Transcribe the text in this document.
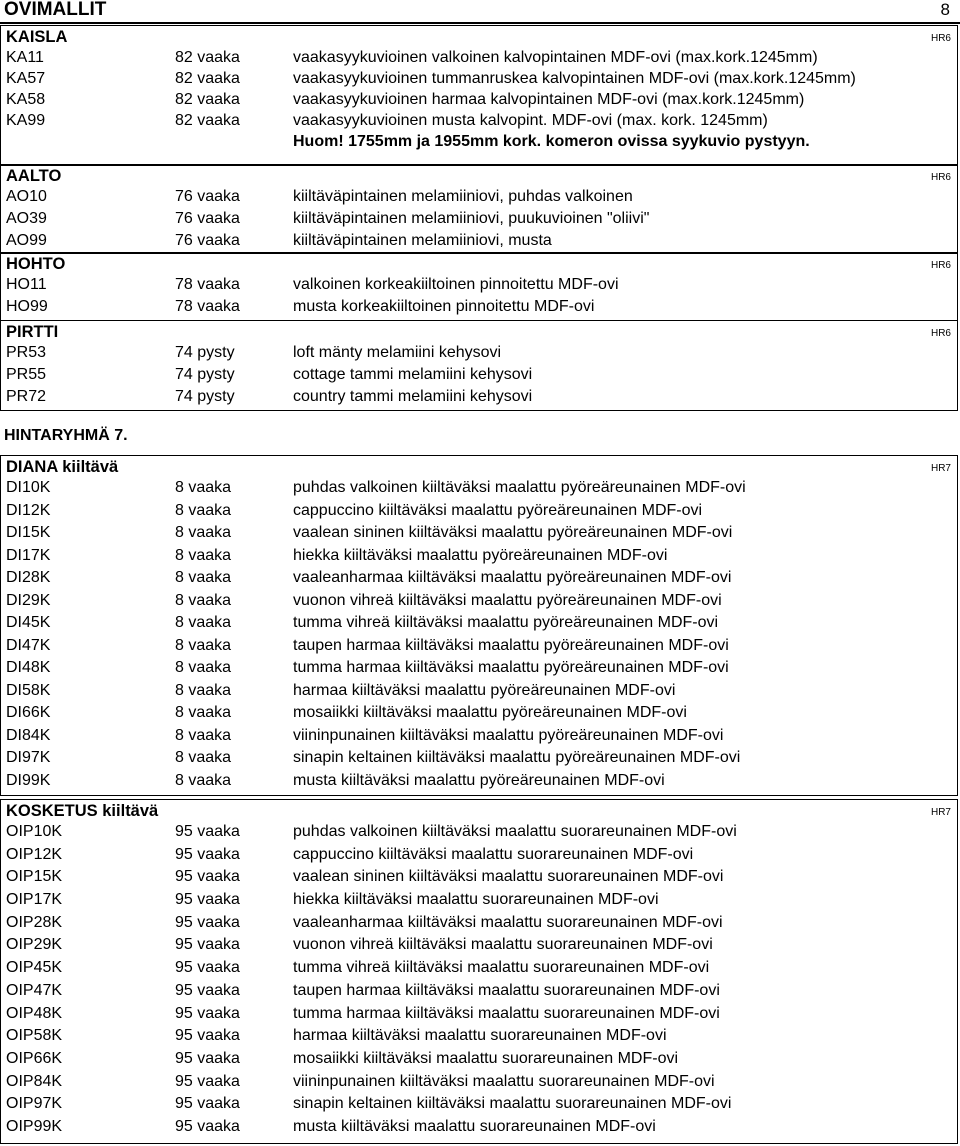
OVIMALLIT	8
KAISLA	HR6
KA11	82 vaaka	vaakasyykuvioinen valkoinen kalvopintainen MDF-ovi (max.kork.1245mm)
KA57	82 vaaka	vaakasyykuvioinen tummanruskea kalvopintainen MDF-ovi (max.kork.1245mm)
KA58	82 vaaka	vaakasyykuvioinen harmaa kalvopintainen MDF-ovi (max.kork.1245mm)
KA99	82 vaaka	vaakasyykuvioinen musta kalvopint. MDF-ovi (max. kork. 1245mm)
Huom! 1755mm ja 1955mm kork. komeron ovissa syykuvio pystyyn.
AALTO	HR6
AO10	76 vaaka	kiiltäväpintainen melamiiniovi, puhdas valkoinen
AO39	76 vaaka	kiiltäväpintainen melamiiniovi, puukuvioinen "oliivi"
AO99	76 vaaka	kiiltäväpintainen melamiiniovi, musta
HOHTO	HR6
HO11	78 vaaka	valkoinen korkeakiiltoinen pinnoitettu MDF-ovi
HO99	78 vaaka	musta korkeakiiltoinen pinnoitettu MDF-ovi
PIRTTI	HR6
PR53	74 pysty	loft mänty melamiini kehysovi
PR55	74 pysty	cottage tammi melamiini kehysovi
PR72	74 pysty	country tammi melamiini kehysovi
HINTARYHMÄ 7.
DIANA kiiltävä	HR7
DI10K	8 vaaka	puhdas valkoinen kiiltäväksi maalattu pyöreäreunainen MDF-ovi
DI12K	8 vaaka	cappuccino kiiltäväksi maalattu pyöreäreunainen MDF-ovi
DI15K	8 vaaka	vaalean sininen kiiltäväksi maalattu pyöreäreunainen MDF-ovi
DI17K	8 vaaka	hiekka kiiltäväksi maalattu pyöreäreunainen MDF-ovi
DI28K	8 vaaka	vaaleanharmaa kiiltäväksi maalattu pyöreäreunainen MDF-ovi
DI29K	8 vaaka	vuonon vihreä kiiltäväksi maalattu pyöreäreunainen MDF-ovi
DI45K	8 vaaka	tumma vihreä kiiltäväksi maalattu pyöreäreunainen MDF-ovi
DI47K	8 vaaka	taupen harmaa kiiltäväksi maalattu pyöreäreunainen MDF-ovi
DI48K	8 vaaka	tumma harmaa kiiltäväksi maalattu pyöreäreunainen MDF-ovi
DI58K	8 vaaka	harmaa kiiltäväksi maalattu pyöreäreunainen MDF-ovi
DI66K	8 vaaka	mosaiikki kiiltäväksi maalattu pyöreäreunainen MDF-ovi
DI84K	8 vaaka	viininpunainen kiiltäväksi maalattu pyöreäreunainen MDF-ovi
DI97K	8 vaaka	sinapin keltainen kiiltäväksi maalattu pyöreäreunainen MDF-ovi
DI99K	8 vaaka	musta kiiltäväksi maalattu pyöreäreunainen MDF-ovi
KOSKETUS kiiltävä	HR7
OIP10K	95 vaaka	puhdas valkoinen kiiltäväksi maalattu suorareunainen MDF-ovi
OIP12K	95 vaaka	cappuccino kiiltäväksi maalattu suorareunainen MDF-ovi
OIP15K	95 vaaka	vaalean sininen kiiltäväksi maalattu suorareunainen MDF-ovi
OIP17K	95 vaaka	hiekka kiiltäväksi maalattu suorareunainen MDF-ovi
OIP28K	95 vaaka	vaaleanharmaa kiiltäväksi maalattu suorareunainen MDF-ovi
OIP29K	95 vaaka	vuonon vihreä kiiltäväksi maalattu suorareunainen MDF-ovi
OIP45K	95 vaaka	tumma vihreä kiiltäväksi maalattu suorareunainen MDF-ovi
OIP47K	95 vaaka	taupen harmaa kiiltäväksi maalattu suorareunainen MDF-ovi
OIP48K	95 vaaka	tumma harmaa kiiltäväksi maalattu suorareunainen MDF-ovi
OIP58K	95 vaaka	harmaa kiiltäväksi maalattu suorareunainen MDF-ovi
OIP66K	95 vaaka	mosaiikki kiiltäväksi maalattu suorareunainen MDF-ovi
OIP84K	95 vaaka	viininpunainen kiiltäväksi maalattu suorareunainen MDF-ovi
OIP97K	95 vaaka	sinapin keltainen kiiltäväksi maalattu suorareunainen MDF-ovi
OIP99K	95 vaaka	musta kiiltäväksi maalattu suorareunainen MDF-ovi
